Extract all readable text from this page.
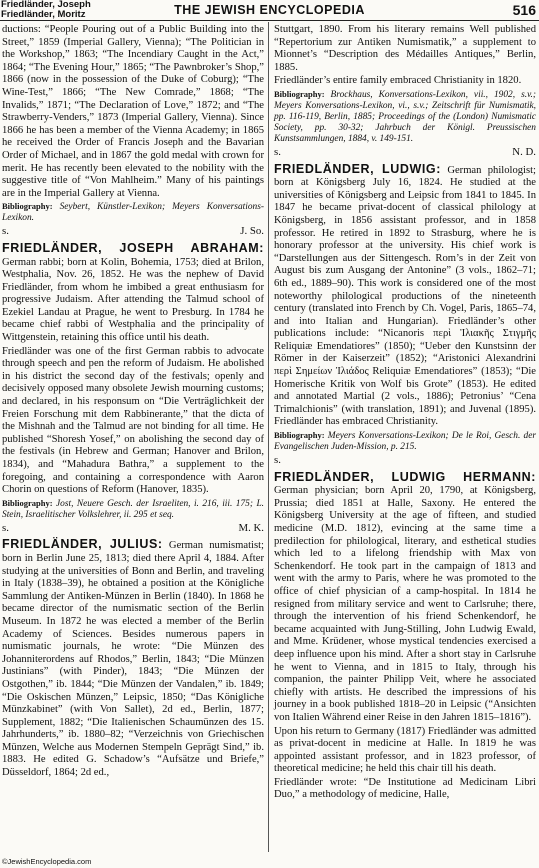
Friedländer, Joseph
Friedländer, Moritz	THE JEWISH ENCYCLOPEDIA	516

ductions: “People Pouring out of a Public Building into the Street,” 1859 (Imperial Gallery, Vienna); “The Politician in the Workshop,” 1863; “The Incendiary Caught in the Act,” 1864; “The Evening Hour,” 1865; “The Pawnbroker’s Shop,” 1866 (now in the possession of the Duke of Coburg); “The Wine-Test,” 1866; “The New Comrade,” 1868; “The Invalids,” 1871; “The Declaration of Love,” 1872; and “The Strawberry-Venders,” 1873 (Imperial Gallery, Vienna). Since 1866 he has been a member of the Vienna Academy; in 1865 he received the Order of Francis Joseph and the Bavarian Order of Michael, and in 1867 the gold medal with crown for merit. He has recently been elevated to the nobility with the suggestive title of “Von Mahlheim.” Many of his paintings are in the Imperial Gallery at Vienna.

Bibliography: Seybert, Künstler-Lexikon; Meyers Konversations-Lexikon.

s.	J. So.

FRIEDLÄNDER, JOSEPH ABRAHAM: German rabbi; born at Kolin, Bohemia, 1753; died at Brilon, Westphalia, Nov. 26, 1852. He was the nephew of David Friedländer, from whom he imbibed a great enthusiasm for progressive Judaism. After attending the Talmud school of Ezekiel Landau at Prague, he went to Presburg. In 1784 he became chief rabbi of Westphalia and the principality of Wittgenstein, retaining this office until his death.

Friedländer was one of the first German rabbis to advocate through speech and pen the reform of Judaism. He abolished in his district the second day of the festivals; openly and decisively opposed many obsolete Jewish mourning customs; and declared, in his responsum on “Die Verträglichkeit der Freien Forschung mit dem Rabbinerante,” that the dicta of the Mishnah and the Talmud are not binding for all time. He published “Shoresh Yosef,” on abolishing the second day of the festivals (in Hebrew and German; Hanover and Brilon, 1834), and “Mahadura Bathra,” a supplement to the foregoing, and containing a correspondence with Aaron Chorin on questions of Reform (Hanover, 1835).

Bibliography: Jost, Neuere Gesch. der Israeliten, i. 216, iii. 175; L. Stein, Israelitischer Volkslehrer, ii. 295 et seq.

s.	M. K.

FRIEDLÄNDER, JULIUS: German numismatist; born in Berlin June 25, 1813; died there April 4, 1884. After studying at the universities of Bonn and Berlin, and traveling in Italy (1838–39), he obtained a position at the Königliche Sammlung der Antiken-Münzen in Berlin (1840). In 1868 he became director of the numismatic section of the Berlin Museum. In 1872 he was elected a member of the Berlin Academy of Sciences. Besides numerous papers in numismatic journals, he wrote: “Die Münzen des Johanniterordens auf Rhodos,” Berlin, 1843; “Die Münzen Justinians” (with Pinder), 1843; “Die Münzen der Ostgothen,” ib. 1844; “Die Münzen der Vandalen,” ib. 1849; “Die Oskischen Münzen,” Leipsic, 1850; “Das Königliche Münzkabinet” (with Von Sallet), 2d ed., Berlin, 1877; Supplement, 1882; “Die Italienischen Schaumünzen des 15. Jahrhunderts,” ib. 1880–82; “Verzeichnis von Griechischen Münzen, Welche aus Modernen Stempeln Geprägt Sind,” ib. 1883. He edited G. Schadow’s “Aufsätze und Briefe,” Düsseldorf, 1864; 2d ed.,

Stuttgart, 1890. From his literary remains Well published “Repertorium zur Antiken Numismatik,” a supplement to Mionnet’s “Description des Médailles Antiques,” Berlin, 1885.

Friedländer’s entire family embraced Christianity in 1820.

Bibliography: Brockhaus, Konversations-Lexikon, vii., 1902, s.v.; Meyers Konversations-Lexikon, vi., s.v.; Zeitschrift für Numismatik, pp. 116-119, Berlin, 1885; Proceedings of the (London) Numismatic Society, pp. 30-32; Jahrbuch der Königl. Preussischen Kunstsammlungen, 1884, v. 149-151.

s.	N. D.

FRIEDLÄNDER, LUDWIG: German philologist; born at Königsberg July 16, 1824. He studied at the universities of Königsberg and Leipsic from 1841 to 1845. In 1847 he became privat-docent of classical philology at Königsberg, in 1856 assistant professor, and in 1858 professor. He retired in 1892 to Strasburg, where he is honorary professor at the university. His chief work is “Darstellungen aus der Sittengesch. Rom’s in der Zeit von August bis zum Ausgang der Antonine” (3 vols., 1862–71; 6th ed., 1889–90). This work is considered one of the most noteworthy philological productions of the nineteenth century (translated into French by Ch. Vogel, Paris, 1865–74, and into Italian and Hungarian). Friedländer’s other publications include: “Nicanoris περὶ Ἰλιακῆς Στιγμῆς Reliquiæ Emendatiores” (1850); “Ueber den Kunstsinn der Römer in der Kaiserzeit” (1852); “Aristonici Alexandrini περὶ Σημείων Ἰλιάδος Reliquiæ Emendatiores” (1853); “Die Homerische Kritik von Wolf bis Grote” (1853). He edited and annotated Martial (2 vols., 1886); Petronius’ “Cena Trimalchionis” (with translation, 1891); and Juvenal (1895). Friedländer has embraced Christianity.

Bibliography: Meyers Konversations-Lexikon; De le Roi, Gesch. der Evangelischen Juden-Mission, p. 215.

s.

FRIEDLÄNDER, LUDWIG HERMANN: German physician; born April 20, 1790, at Königsberg, Prussia; died 1851 at Halle, Saxony. He entered the Königsberg University at the age of fifteen, and studied medicine (M.D. 1812), evincing at the same time a predilection for philological, literary, and esthetical studies which led to a lifelong friendship with Max von Schenkendorf. He took part in the campaign of 1813 and went with the army to Paris, where he was promoted to the office of chief physician of a camp-hospital. In 1814 he resigned from military service and went to Carlsruhe; there, through the intervention of his friend Schenkendorf, he became acquainted with Jung-Stilling, John Ludwig Ewald, and Mme. Krüdener, whose mystical tendencies exercised a deep influence upon his mind. After a short stay in Carlsruhe he went to Vienna, and in 1815 to Italy, through his companion, the painter Philipp Veit, where he associated chiefly with artists. He described the impressions of his journey in a book published 1818–20 in Leipsic (“Ansichten von Italien Während einer Reise in den Jahren 1815–1816”).

Upon his return to Germany (1817) Friedländer was admitted as privat-docent in medicine at Halle. In 1819 he was appointed assistant professor, and in 1823 professor, of theoretical medicine; he held this chair till his death.

Friedländer wrote: “De Institutione ad Medicinam Libri Duo,” a methodology of medicine, Halle,

©JewishEncyclopedia.com
